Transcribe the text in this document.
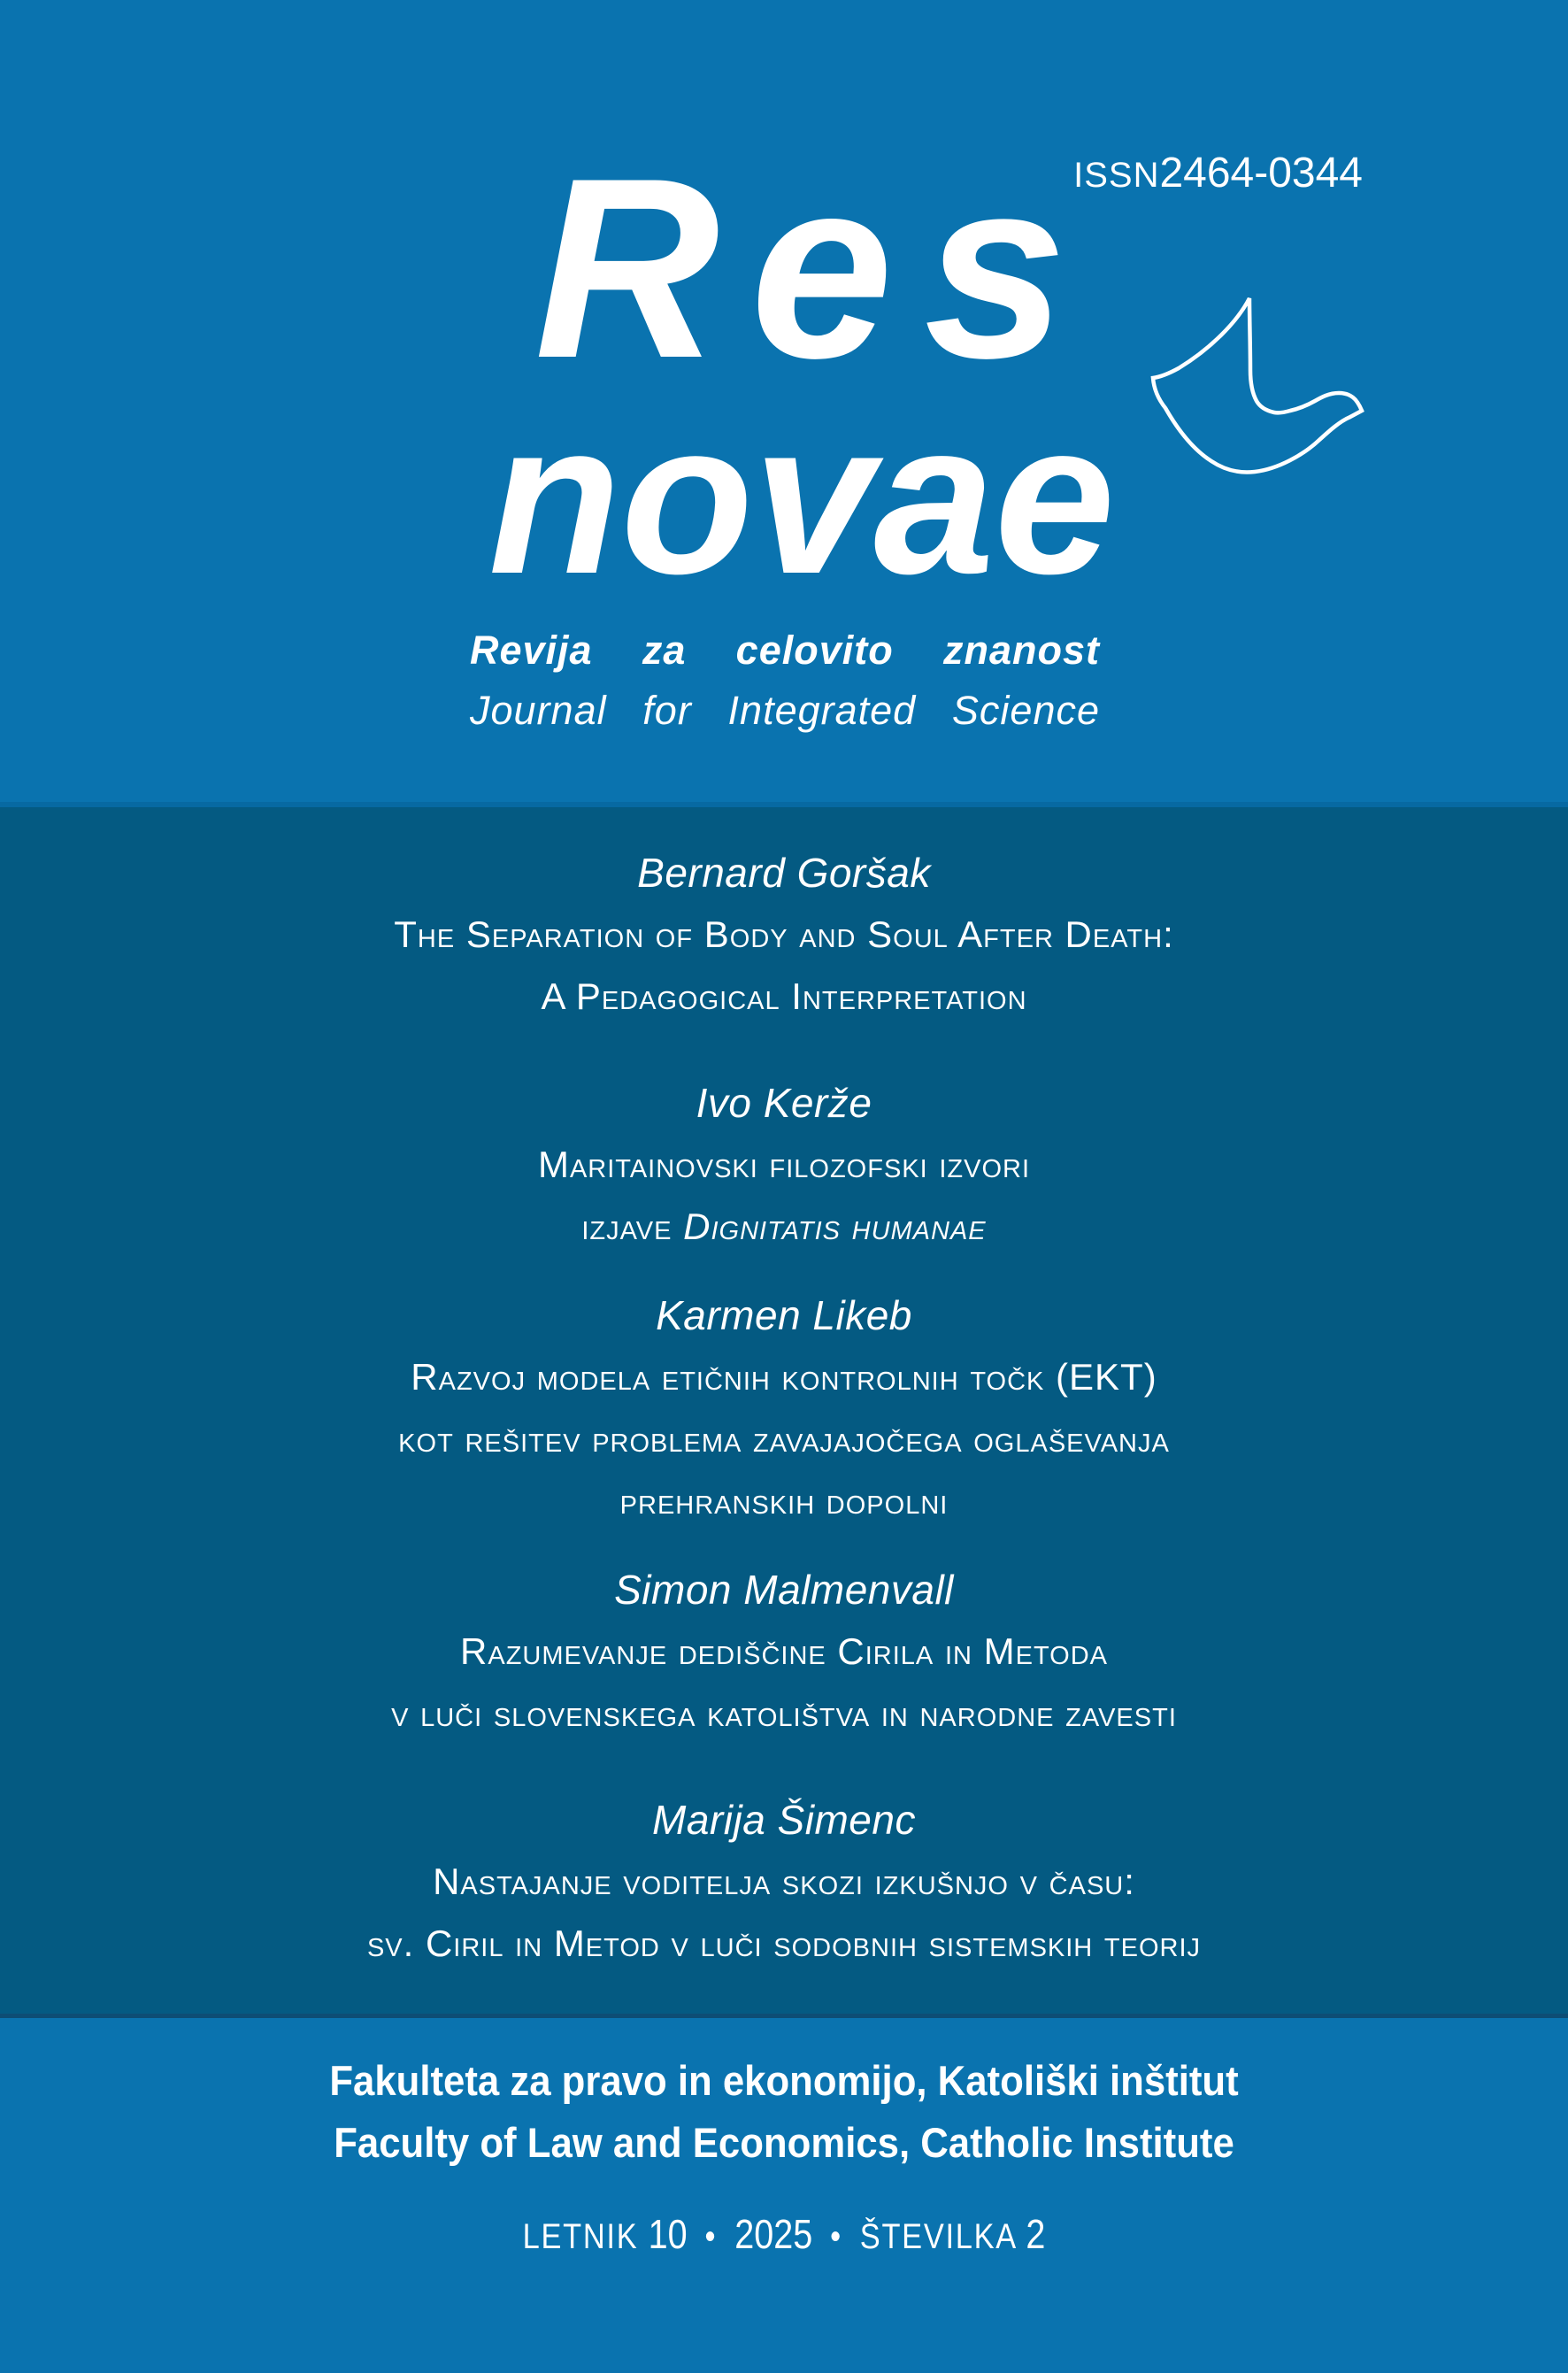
ISSN2464-0344
Res
novae
Revija za celovito znanost
Journal for Integrated Science
Bernard Goršak
The Separation of Body and Soul After Death:
A Pedagogical Interpretation
Ivo Kerže
Maritainovski filozofski izvori
izjave Dignitatis humanae
Karmen Likeb
Razvoj modela etičnih kontrolnih točk (EKT)
kot rešitev problema zavajajočega oglaševanja
prehranskih dopolni
Simon Malmenvall
Razumevanje dediščine Cirila in Metoda
v luči slovenskega katolištva in narodne zavesti
Marija Šimenc
Nastajanje voditelja skozi izkušnjo v času:
sv. Ciril in Metod v luči sodobnih sistemskih teorij
Fakulteta za pravo in ekonomijo, Katoliški inštitut
Faculty of Law and Economics, Catholic Institute
LETNIK 10 • 2025 • ŠTEVILKA 2
